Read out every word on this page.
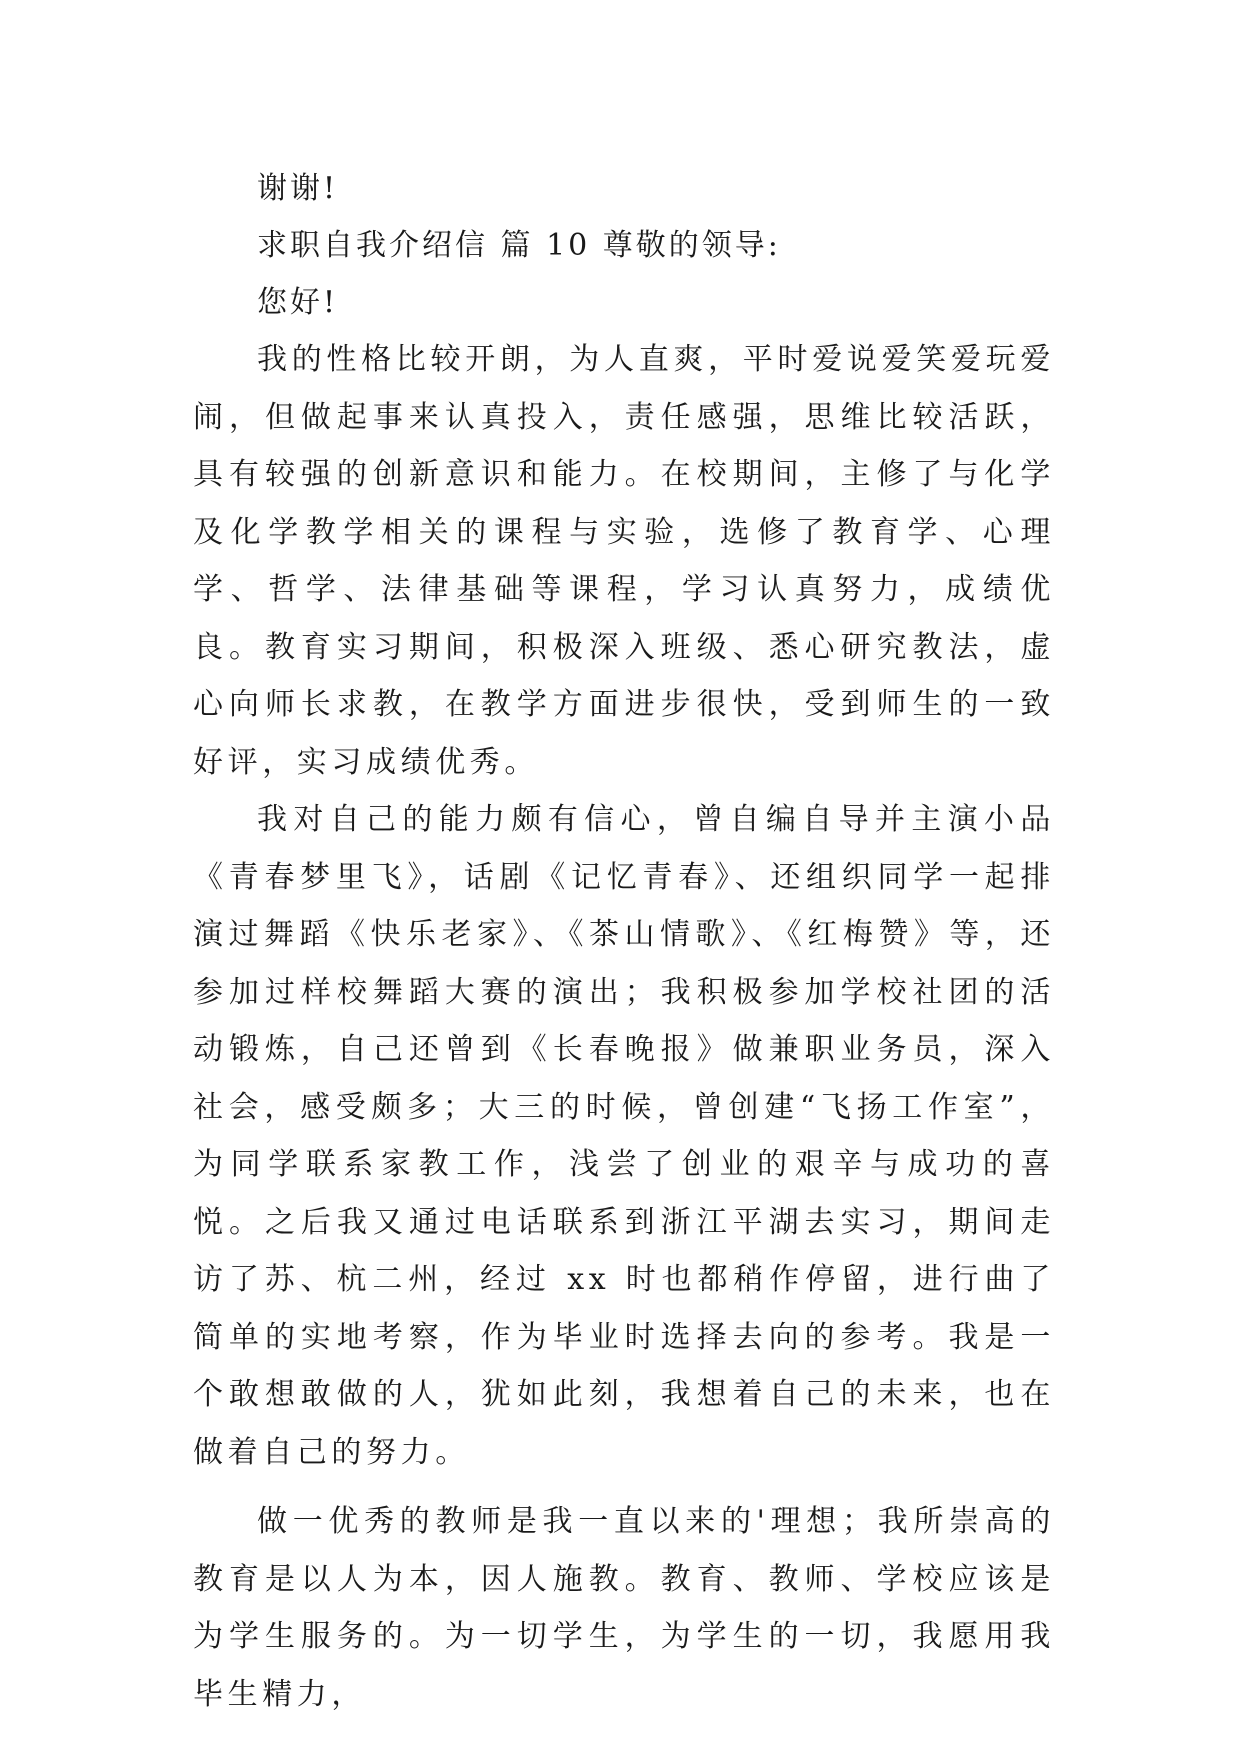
谢谢!
求职自我介绍信 篇 10 尊敬的领导:
您好!

我的性格比较开朗，为人直爽，平时爱说爱笑爱玩爱闹，但做起事来认真投入，责任感强，思维比较活跃，具有较强的创新意识和能力。在校期间，主修了与化学及化学教学相关的课程与实验，选修了教育学、心理学、哲学、法律基础等课程，学习认真努力，成绩优良。教育实习期间，积极深入班级、悉心研究教法，虚心向师长求教，在教学方面进步很快，受到师生的一致好评，实习成绩优秀。

我对自己的能力颇有信心，曾自编自导并主演小品《青春梦里飞》，话剧《记忆青春》、还组织同学一起排演过舞蹈《快乐老家》、《茶山情歌》、《红梅赞》等，还参加过样校舞蹈大赛的演出；我积极参加学校社团的活动锻炼，自己还曾到《长春晚报》做兼职业务员，深入社会，感受颇多；大三的时候，曾创建“飞扬工作室”，为同学联系家教工作，浅尝了创业的艰辛与成功的喜悦。之后我又通过电话联系到浙江平湖去实习，期间走访了苏、杭二州，经过 xx 时也都稍作停留，进行曲了简单的实地考察，作为毕业时选择去向的参考。我是一个敢想敢做的人，犹如此刻，我想着自己的未来，也在做着自己的努力。

做一优秀的教师是我一直以来的'理想；我所崇高的教育是以人为本，因人施教。教育、教师、学校应该是为学生服务的。为一切学生，为学生的一切，我愿用我毕生精力，
